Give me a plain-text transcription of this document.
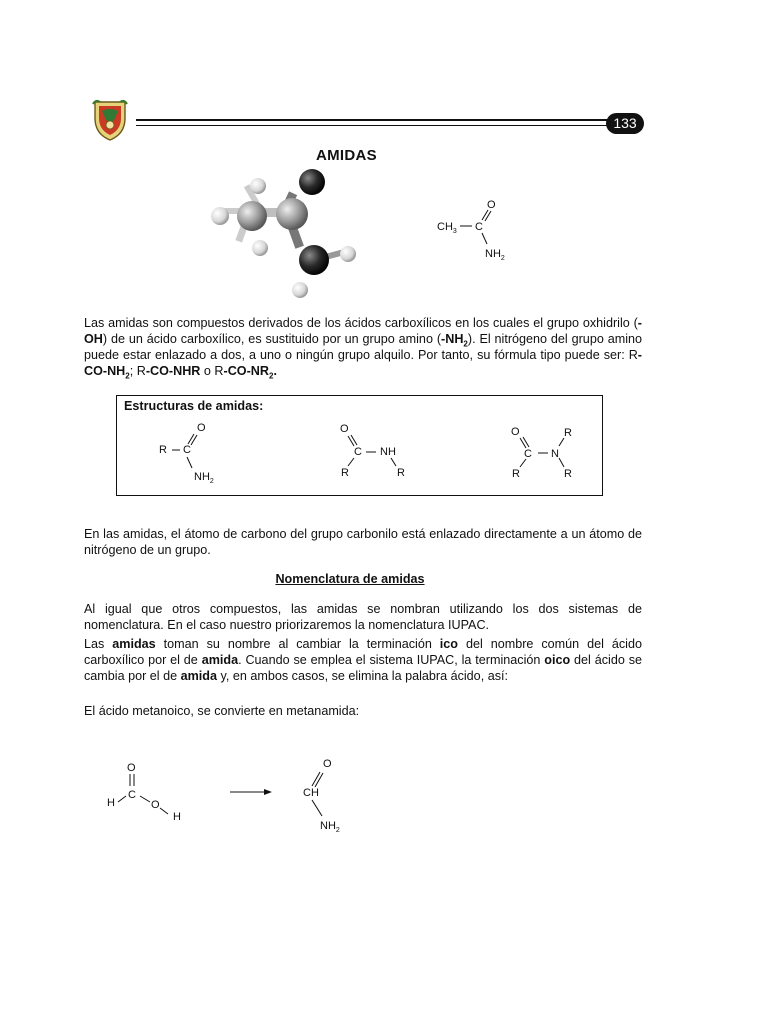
133
AMIDAS
O
$CH_3$ C
$NH_2$
Las amidas son compuestos derivados de los ácidos carboxílicos en los cuales el grupo oxhidrilo (-OH) de un ácido carboxílico, es sustituido por un grupo amino $(-NH_2)$. El nitrógeno del grupo amino puede estar enlazado a dos, a uno o ningún grupo alquilo. Por tanto, su fórmula tipo puede ser: $R-CO-NH_2$; R-CO-NHR o $R-CO-NR_2$.
Estructuras de amidas:
R C
O
$NH_2$
O
C NH
R	R
O
C N
R
R	R
En las amidas, el átomo de carbono del grupo carbonilo está enlazado directamente a un átomo de nitrógeno de un grupo.
Nomenclatura de amidas
Al igual que otros compuestos, las amidas se nombran utilizando los dos sistemas de nomenclatura. En el caso nuestro priorizaremos la nomenclatura IUPAC.
Las amidas toman su nombre al cambiar la terminación ico del nombre común del ácido carboxílico por el de amida. Cuando se emplea el sistema IUPAC, la terminación oico del ácido se cambia por el de amida y, en ambos casos, se elimina la palabra ácido, así:
El ácido metanoico, se convierte en metanamida:
O
H
C
O
H
O
CH
$NH_2$
